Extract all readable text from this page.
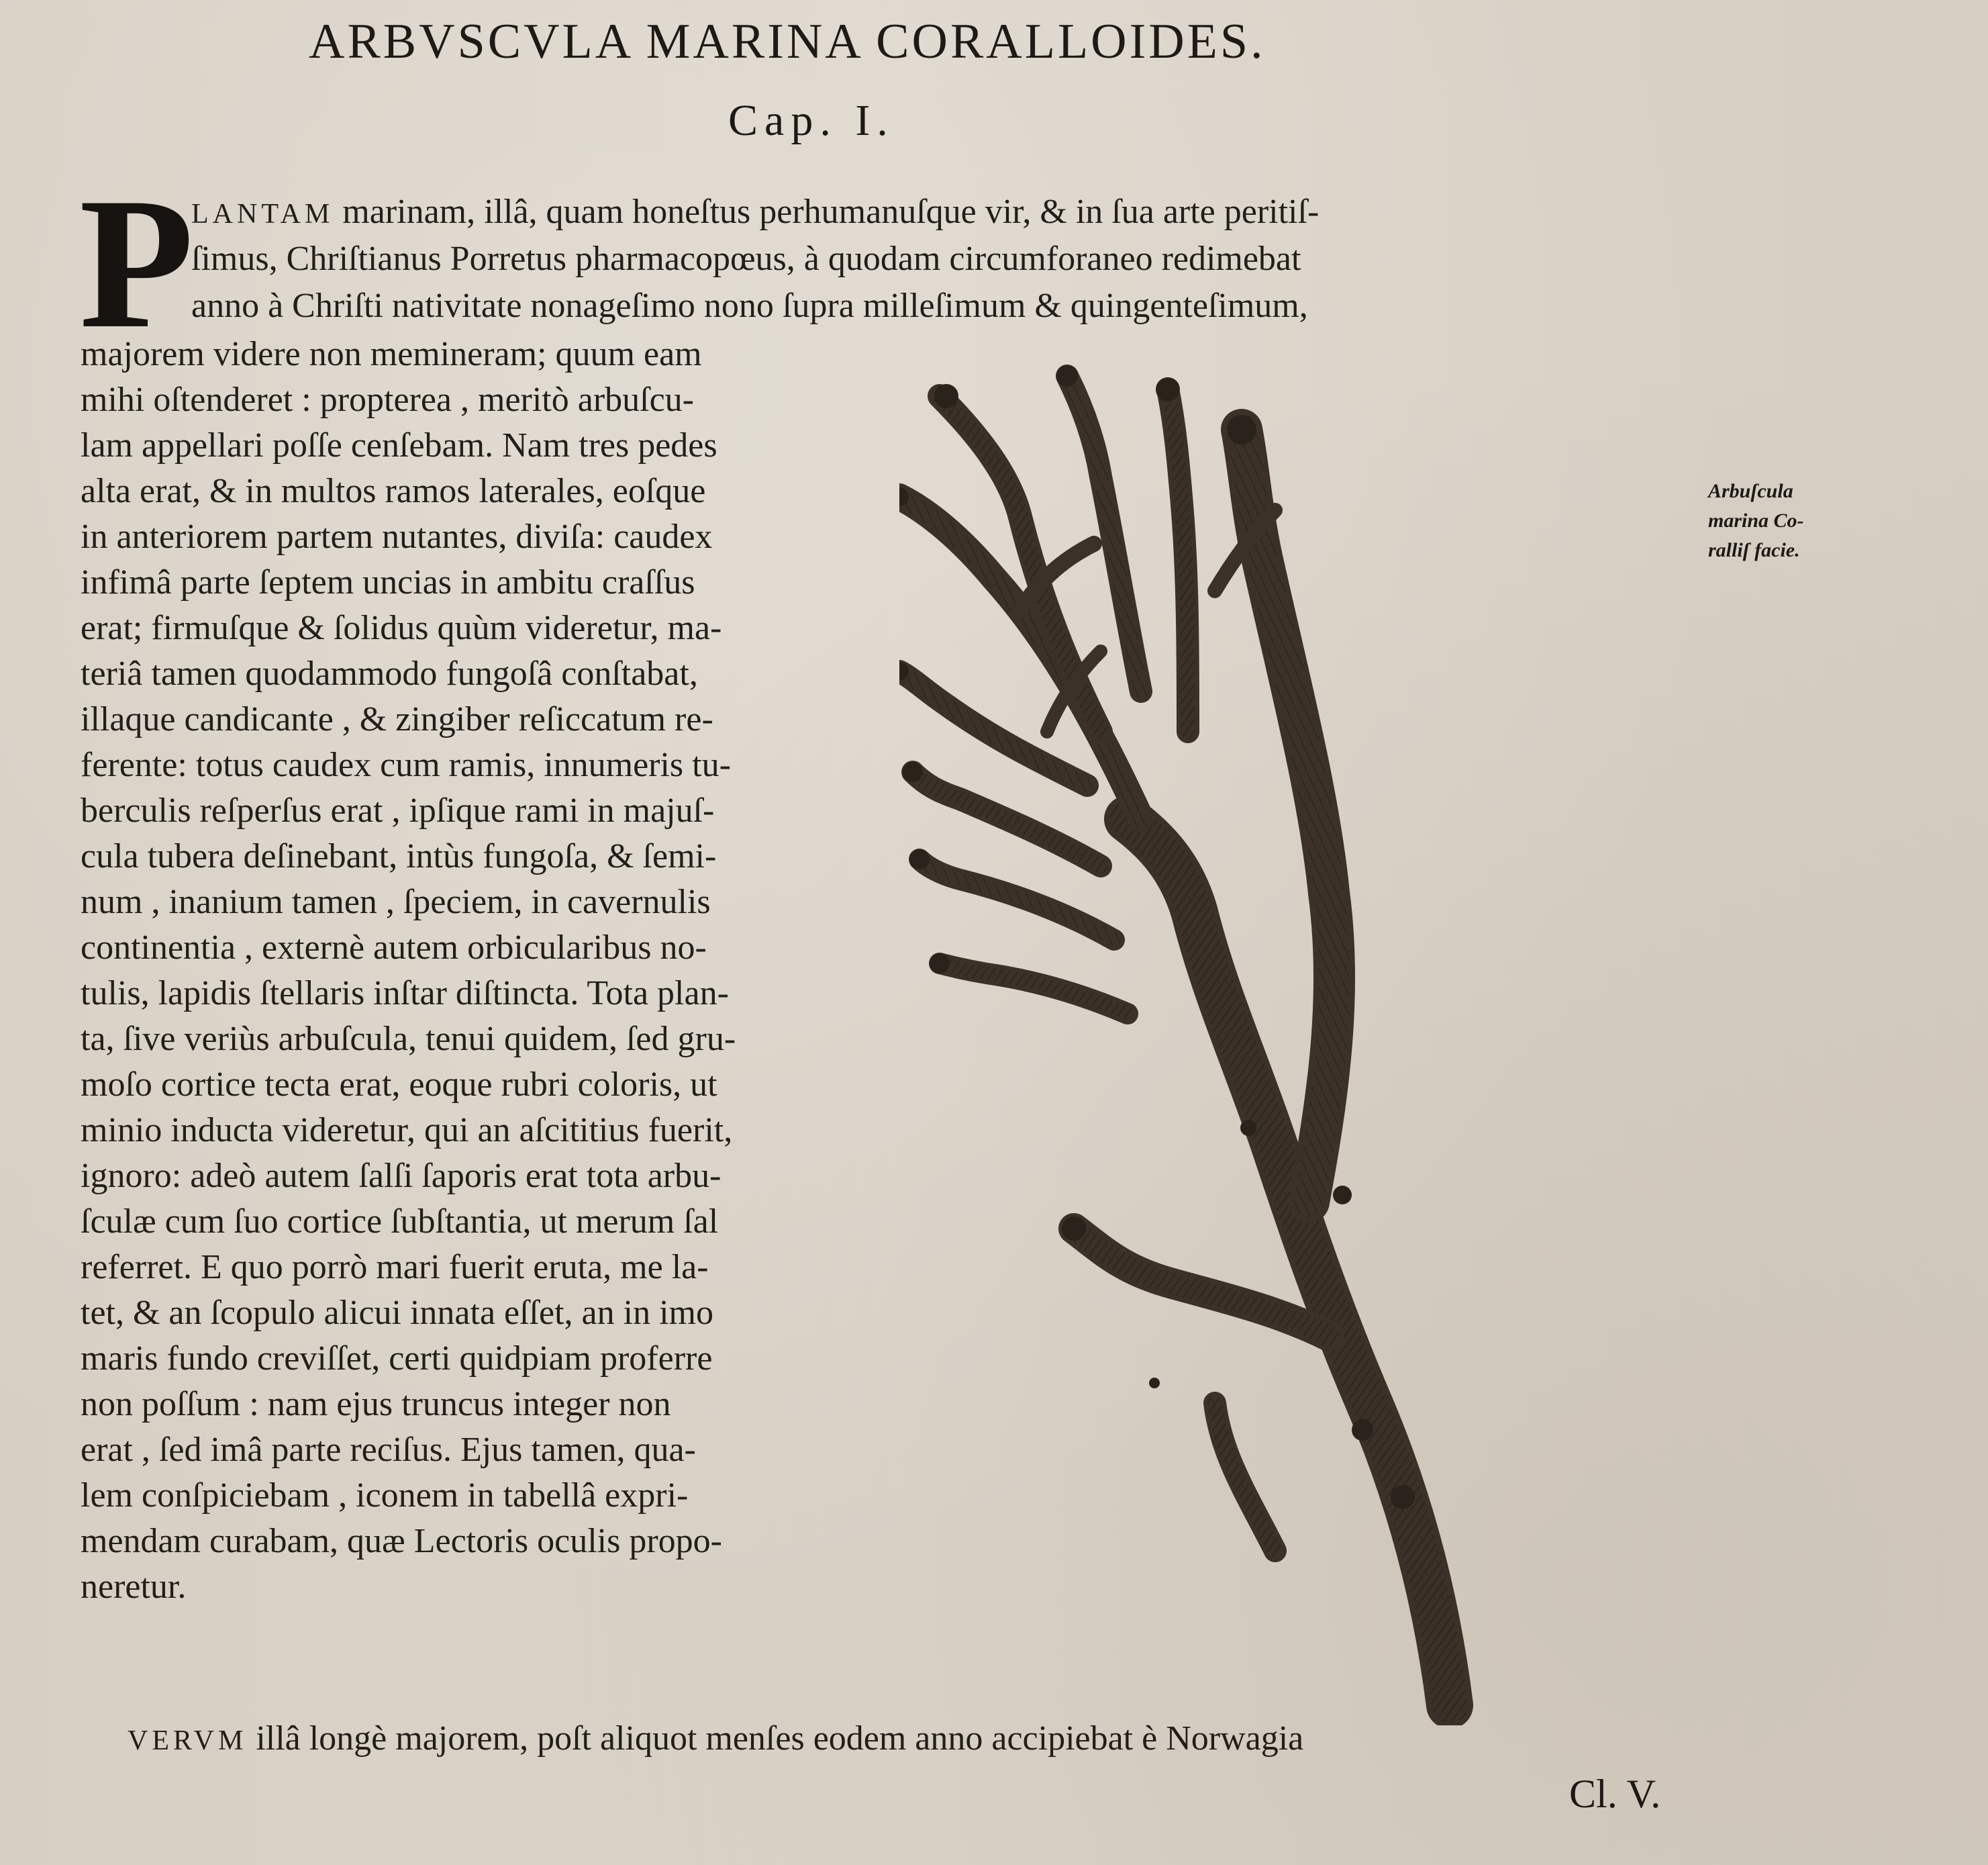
ARBVSCVLA MARINA CORALLOIDES.
Cap. I.
P
LANTAM marinam, illâ, quam honeſtus perhumanuſque vir, & in ſua arte peritiſ-
ſimus, Chriſtianus Porretus pharmacopœus, à quodam circumforaneo redimebat
anno à Chriſti nativitate nonageſimo nono ſupra milleſimum & quingenteſimum,
majorem videre non memineram; quum eam
mihi oſtenderet : propterea , meritò arbuſcu-
lam appellari poſſe cenſebam. Nam tres pedes
alta erat, & in multos ramos laterales, eoſque
in anteriorem partem nutantes, diviſa: caudex
infimâ parte ſeptem uncias in ambitu craſſus
erat; firmuſque & ſolidus quùm videretur, ma-
teriâ tamen quodammodo fungoſâ conſtabat,
illaque candicante , & zingiber reſiccatum re-
ferente: totus caudex cum ramis, innumeris tu-
berculis reſperſus erat , ipſique rami in majuſ-
cula tubera deſinebant, intùs fungoſa, & ſemi-
num , inanium tamen , ſpeciem, in cavernulis
continentia , externè autem orbicularibus no-
tulis, lapidis ſtellaris inſtar diſtincta. Tota plan-
ta, ſive veriùs arbuſcula, tenui quidem, ſed gru-
moſo cortice tecta erat, eoque rubri coloris, ut
minio inducta videretur, qui an aſcititius fuerit,
ignoro: adeò autem ſalſi ſaporis erat tota arbu-
ſculæ cum ſuo cortice ſubſtantia, ut merum ſal
referret. E quo porrò mari fuerit eruta, me la-
tet, & an ſcopulo alicui innata eſſet, an in imo
maris fundo creviſſet, certi quidpiam proferre
non poſſum : nam ejus truncus integer non
erat , ſed imâ parte reciſus. Ejus tamen, qua-
lem conſpiciebam , iconem in tabellâ expri-
mendam curabam, quæ Lectoris oculis propo-
neretur.
VERVM illâ longè majorem, poſt aliquot menſes eodem anno accipiebat è Norwagia
Arbuſcula
marina Co-
ralliſ facie.
Cl. V.
